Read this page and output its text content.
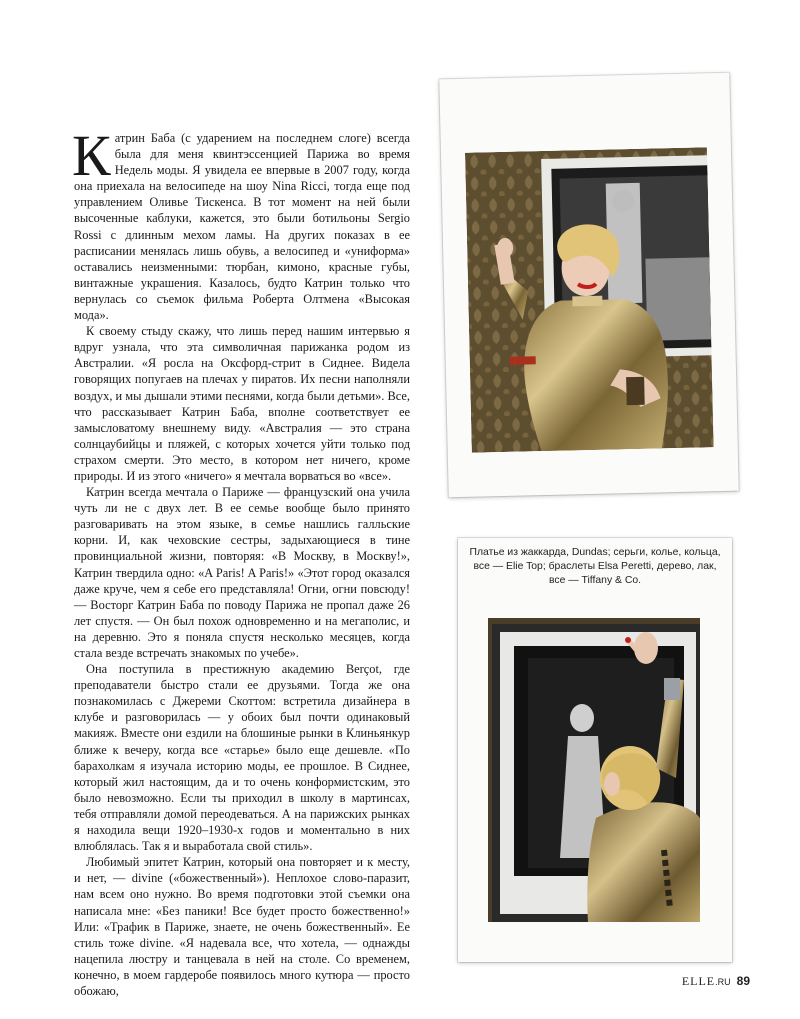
Катрин Баба (с ударением на последнем слоге) всегда была для меня квинтэссенцией Парижа во время Недель моды. Я увидела ее впервые в 2007 году, когда она приехала на велосипеде на шоу Nina Ricci, тогда еще под управлением Оливье Тискенса. В тот момент на ней были высоченные каблуки, кажется, это были ботильоны Sergio Rossi с длинным мехом ламы. На других показах в ее расписании менялась лишь обувь, а велосипед и «униформа» оставались неизменными: тюрбан, кимоно, красные губы, винтажные украшения. Казалось, будто Катрин только что вернулась со съемок фильма Роберта Олтмена «Высокая мода».

К своему стыду скажу, что лишь перед нашим интервью я вдруг узнала, что эта символичная парижанка родом из Австралии. «Я росла на Оксфорд-стрит в Сиднее. Видела говорящих попугаев на плечах у пиратов. Их песни наполняли воздух, и мы дышали этими песнями, когда были детьми». Все, что рассказывает Катрин Баба, вполне соответствует ее замысловатому внешнему виду. «Австралия — это страна солнцаубийцы и пляжей, с которых хочется уйти только под страхом смерти. Это место, в котором нет ничего, кроме природы. И из этого «ничего» я мечтала ворваться во «все».

Катрин всегда мечтала о Париже — французский она учила чуть ли не с двух лет. В ее семье вообще было принято разговаривать на этом языке, в семье нашлись галльские корни. И, как чеховские сестры, задыхающиеся в тине провинциальной жизни, повторяя: «В Москву, в Москву!», Катрин твердила одно: «A Paris! A Paris!» «Этот город оказался даже круче, чем я себе его представляла! Огни, огни повсюду! — Восторг Катрин Баба по поводу Парижа не пропал даже 26 лет спустя. — Он был похож одновременно и на мегаполис, и на деревню. Это я поняла спустя несколько месяцев, когда стала везде встречать знакомых по учебе».

Она поступила в престижную академию Berçot, где преподаватели быстро стали ее друзьями. Тогда же она познакомилась с Джереми Скоттом: встретила дизайнера в клубе и разговорилась — у обоих был почти одинаковый макияж. Вместе они ездили на блошиные рынки в Клиньянкур ближе к вечеру, когда все «старье» было еще дешевле. «По барахолкам я изучала историю моды, ее прошлое. В Сиднее, который жил настоящим, да и то очень конформистским, это было невозможно. Если ты приходил в школу в мартинсах, тебя отправляли домой переодеваться. А на парижских рынках я находила вещи 1920–1930-х годов и моментально в них влюблялась. Так я и выработала свой стиль».

Любимый эпитет Катрин, который она повторяет и к месту, и нет, — divine («божественный»). Неплохое слово-паразит, нам всем оно нужно. Во время подготовки этой съемки она написала мне: «Без паники! Все будет просто божественно!» Или: «Трафик в Париже, знаете, не очень божественный». Ее стиль тоже divine. «Я надевала все, что хотела, — однажды нацепила люстру и танцевала в ней на столе. Со временем, конечно, в моем гардеробе появилось много кутюра — просто обожаю,

Платье из жаккарда, Dundas; серьги, колье, кольца, все — Elie Top; браслеты Elsa Peretti, дерево, лак, все — Tiffany & Co.
ELLE.RU 89
